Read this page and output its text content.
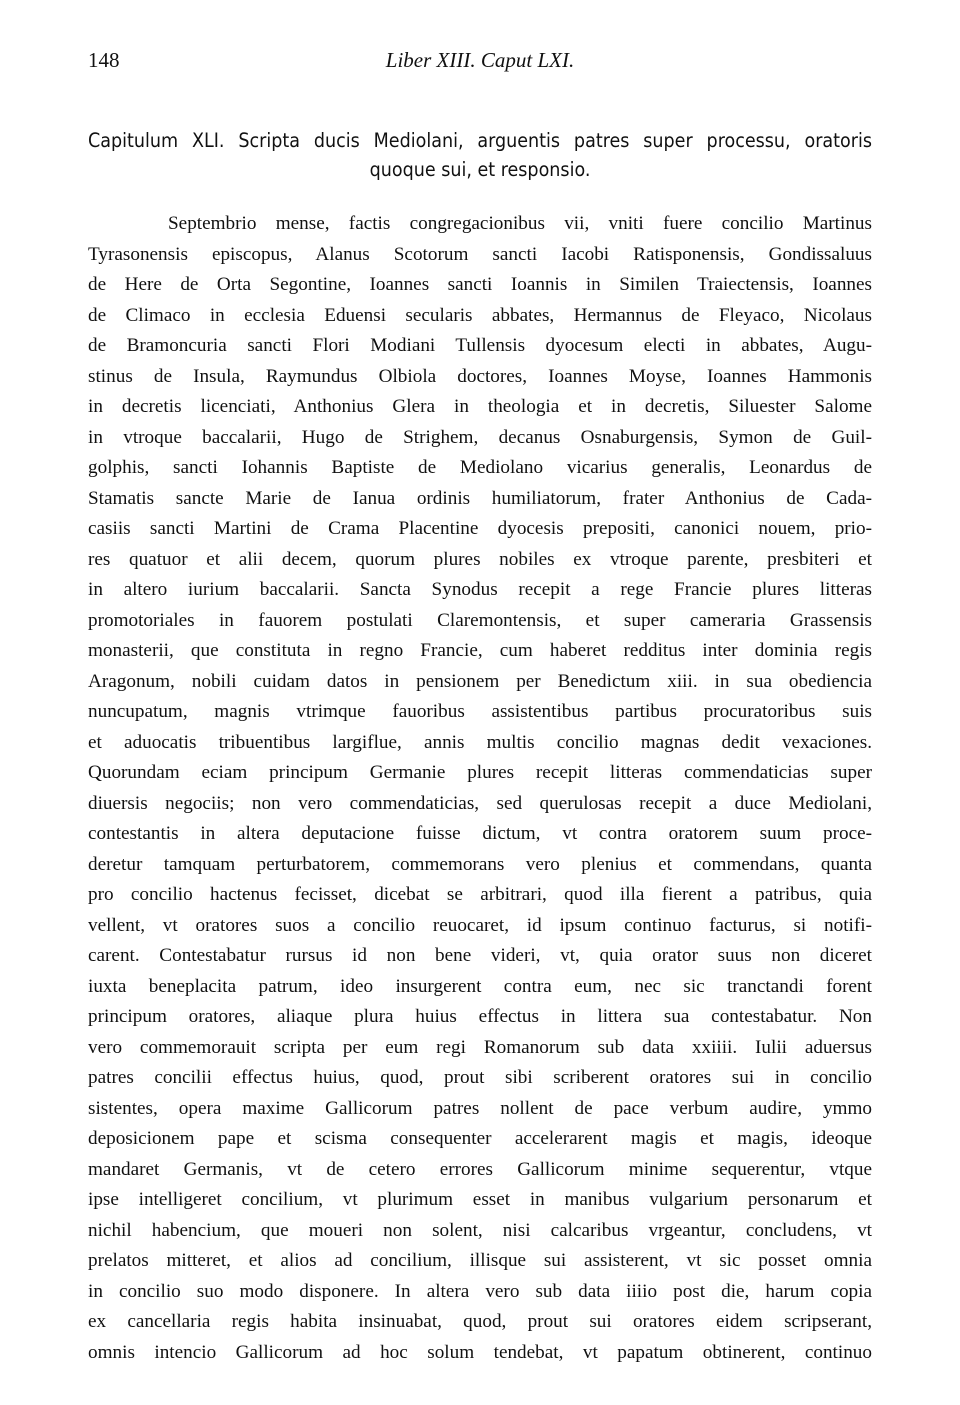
148	Liber XIII. Caput LXI.
Capitulum XLI. Scripta ducis Mediolani, arguentis patres super processu, oratoris
quoque sui, et responsio.
Septembrio mense, factis congregacionibus vii, vniti fuere concilio Martinus
Tyrasonensis episcopus, Alanus Scotorum sancti Iacobi Ratisponensis, Gondissaluus
de Here de Orta Segontine, Ioannes sancti Ioannis in Similen Traiectensis, Ioannes
de Climaco in ecclesia Eduensi secularis abbates, Hermannus de Fleyaco, Nicolaus
de Bramoncuria sancti Flori Modiani Tullensis dyocesum electi in abbates, Augu-
stinus de Insula, Raymundus Olbiola doctores, Ioannes Moyse, Ioannes Hammonis
in decretis licenciati, Anthonius Glera in theologia et in decretis, Siluester Salome
in vtroque baccalarii, Hugo de Strighem, decanus Osnaburgensis, Symon de Guil-
golphis, sancti Iohannis Baptiste de Mediolano vicarius generalis, Leonardus de
Stamatis sancte Marie de Ianua ordinis humiliatorum, frater Anthonius de Cada-
casiis sancti Martini de Crama Placentine dyocesis prepositi, canonici nouem, prio-
res quatuor et alii decem, quorum plures nobiles ex vtroque parente, presbiteri et
in altero iurium baccalarii. Sancta Synodus recepit a rege Francie plures litteras
promotoriales in fauorem postulati Claremontensis, et super cameraria Grassensis
monasterii, que constituta in regno Francie, cum haberet redditus inter dominia regis
Aragonum, nobili cuidam datos in pensionem per Benedictum xiii. in sua obediencia
nuncupatum, magnis vtrimque fauoribus assistentibus partibus procuratoribus suis
et aduocatis tribuentibus largiflue, annis multis concilio magnas dedit vexaciones.
Quorundam eciam principum Germanie plures recepit litteras commendaticias super
diuersis negociis; non vero commendaticias, sed querulosas recepit a duce Mediolani,
contestantis in altera deputacione fuisse dictum, vt contra oratorem suum proce-
deretur tamquam perturbatorem, commemorans vero plenius et commendans, quanta
pro concilio hactenus fecisset, dicebat se arbitrari, quod illa fierent a patribus, quia
vellent, vt oratores suos a concilio reuocaret, id ipsum continuo facturus, si notifi-
carent. Contestabatur rursus id non bene videri, vt, quia orator suus non diceret
iuxta beneplacita patrum, ideo insurgerent contra eum, nec sic tranctandi forent
principum oratores, aliaque plura huius effectus in littera sua contestabatur. Non
vero commemorauit scripta per eum regi Romanorum sub data xxiiii. Iulii aduersus
patres concilii effectus huius, quod, prout sibi scriberent oratores sui in concilio
sistentes, opera maxime Gallicorum patres nollent de pace verbum audire, ymmo
deposicionem pape et scisma consequenter accelerarent magis et magis, ideoque
mandaret Germanis, vt de cetero errores Gallicorum minime sequerentur, vtque
ipse intelligeret concilium, vt plurimum esset in manibus vulgarium personarum et
nichil habencium, que moueri non solent, nisi calcaribus vrgeantur, concludens, vt
prelatos mitteret, et alios ad concilium, illisque sui assisterent, vt sic posset omnia
in concilio suo modo disponere. In altera vero sub data iiiio post die, harum copia
ex cancellaria regis habita insinuabat, quod, prout sui oratores eidem scripserant,
omnis intencio Gallicorum ad hoc solum tendebat, vt papatum obtinerent, continuo
